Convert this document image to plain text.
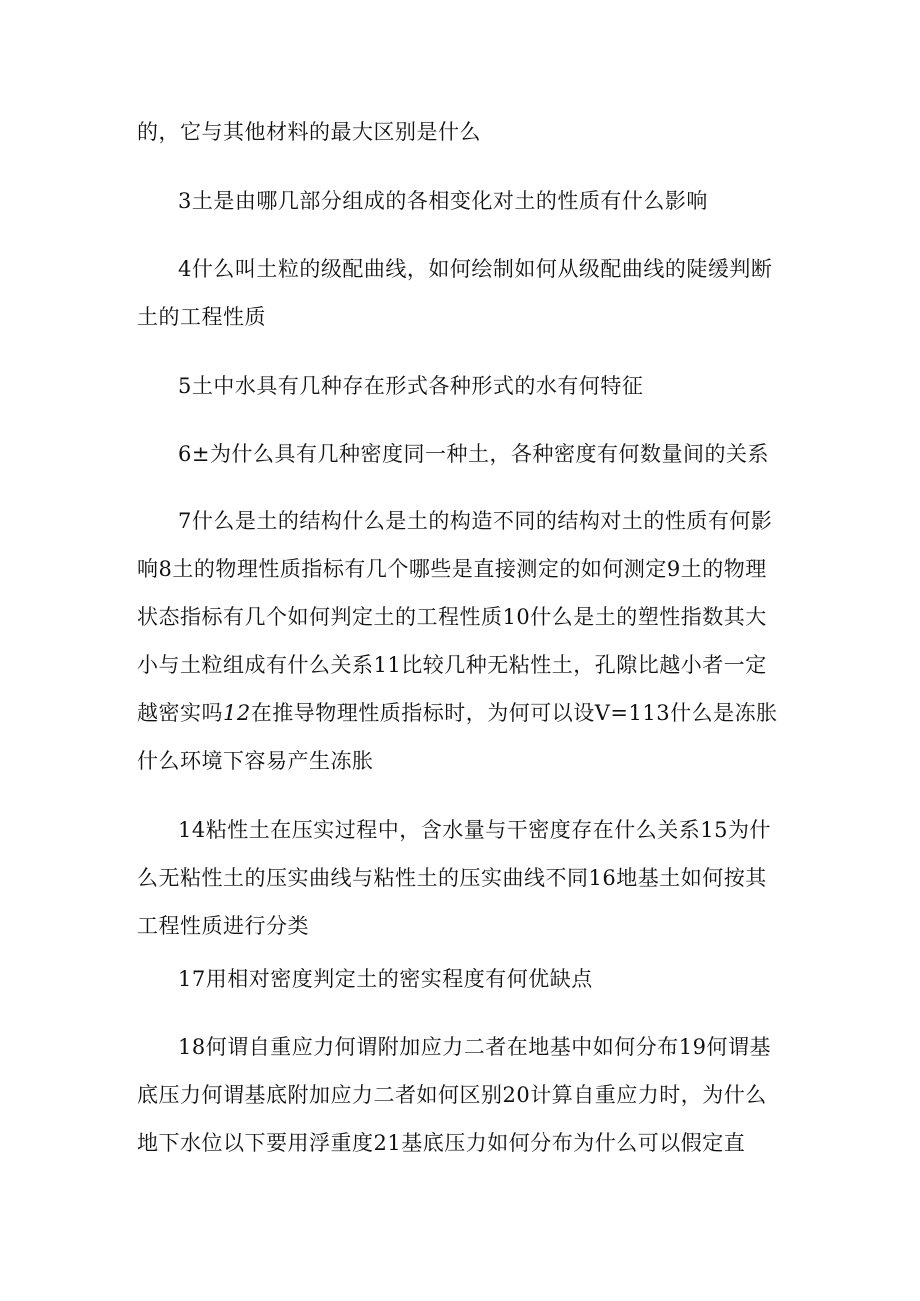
的，它与其他材料的最大区别是什么

3土是由哪几部分组成的各相变化对土的性质有什么影响

4什么叫土粒的级配曲线，如何绘制如何从级配曲线的陡缓判断土的工程性质

5土中水具有几种存在形式各种形式的水有何特征

6±为什么具有几种密度同一种土，各种密度有何数量间的关系

7什么是土的结构什么是土的构造不同的结构对土的性质有何影响8土的物理性质指标有几个哪些是直接测定的如何测定9土的物理状态指标有几个如何判定土的工程性质10什么是土的塑性指数其大小与土粒组成有什么关系11比较几种无粘性土，孔隙比越小者一定越密实吗12在推导物理性质指标时，为何可以设V=113什么是冻胀什么环境下容易产生冻胀

14粘性土在压实过程中，含水量与干密度存在什么关系15为什么无粘性土的压实曲线与粘性土的压实曲线不同16地基土如何按其工程性质进行分类

17用相对密度判定土的密实程度有何优缺点

18何谓自重应力何谓附加应力二者在地基中如何分布19何谓基底压力何谓基底附加应力二者如何区别20计算自重应力时，为什么地下水位以下要用浮重度21基底压力如何分布为什么可以假定直
